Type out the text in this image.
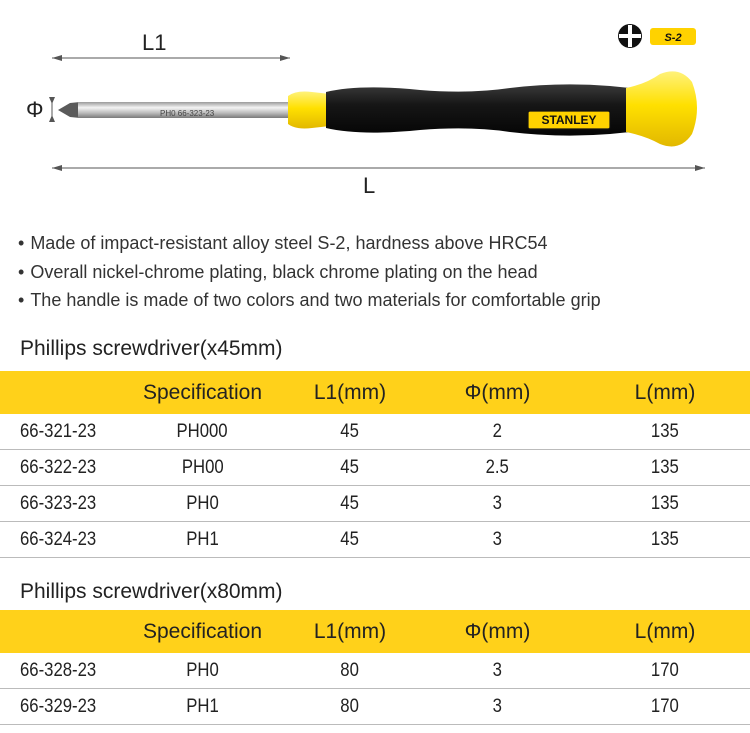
L1
Φ
L
PH0 66-323-23	STANLEY
S-2
• Made of impact-resistant alloy steel S-2, hardness above HRC54
• Overall nickel-chrome plating, black chrome plating on the head
• The handle is made of two colors and two materials for comfortable grip
Phillips screwdriver(x45mm)
	Specification	L1(mm)	Φ(mm)	L(mm)
66-321-23	PH000	45	2	135
66-322-23	PH00	45	2.5	135
66-323-23	PH0	45	3	135
66-324-23	PH1	45	3	135
Phillips screwdriver(x80mm)
	Specification	L1(mm)	Φ(mm)	L(mm)
66-328-23	PH0	80	3	170
66-329-23	PH1	80	3	170
